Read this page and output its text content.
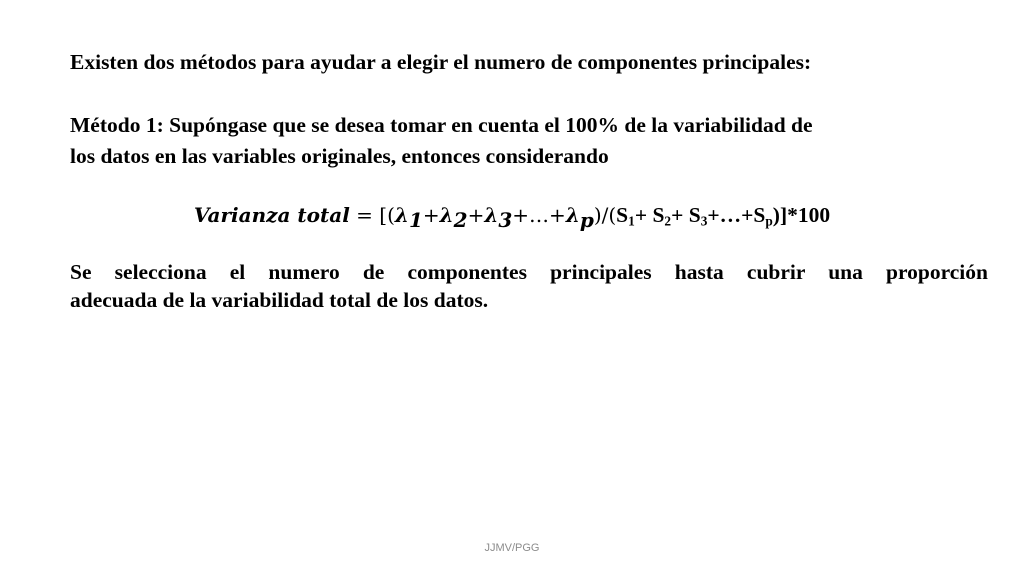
Existen dos métodos para ayudar a elegir el numero de componentes principales:
Método 1: Supóngase que se desea tomar en cuenta el 100% de la variabilidad de
los datos en las variables originales, entonces considerando
Varianza total = [$(\lambda_1+\lambda_2+\lambda_3+\dots+\lambda_p)/(S_1+ S_2+$ $S_3+\dots+S_p)]*100$
Se selecciona el numero de componentes principales hasta cubrir una proporción
adecuada de la variabilidad total de los datos.
JJMV/PGG
